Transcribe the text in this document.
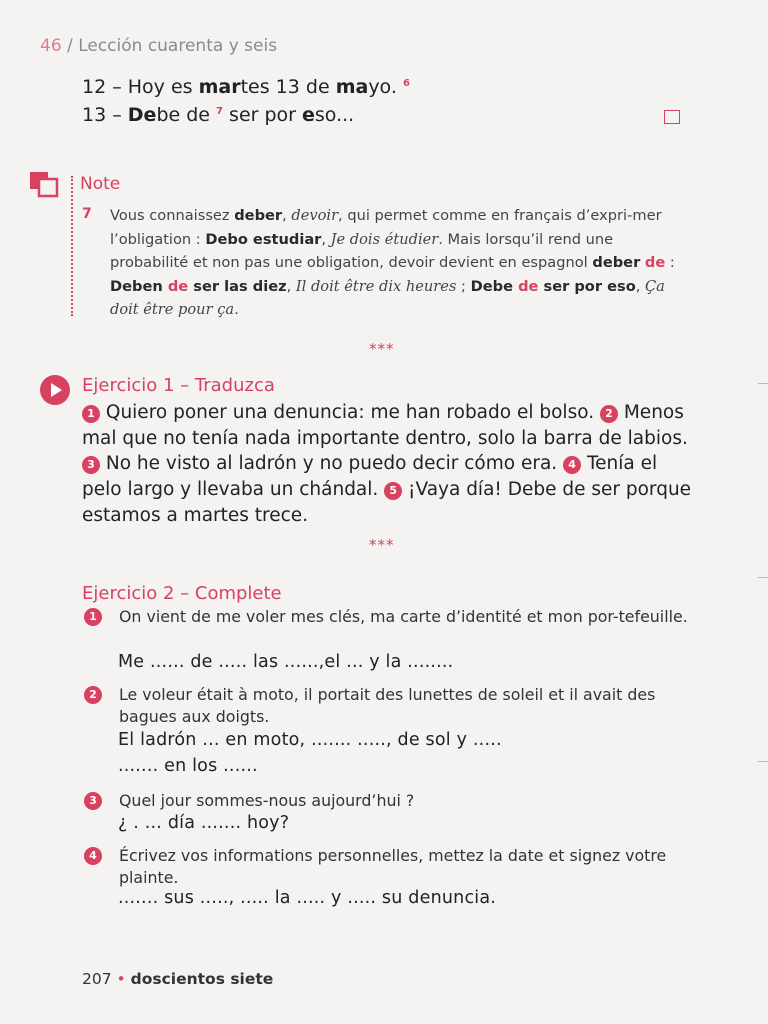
46 / Lección cuarenta y seis
12 – Hoy es martes 13 de mayo. $^6$
13 – Debe de $^7$ ser por eso...
Note
7 Vous connaissez deber, devoir, qui permet comme en français d’expri-mer l’obligation : Debo estudiar, Je dois étudier. Mais lorsqu’il rend une probabilité et non pas une obligation, devoir devient en espagnol deber de : Deben de ser las diez, Il doit être dix heures ; Debe de ser por eso, Ça doit être pour ça.
***
Ejercicio 1 – Traduzca
1 Quiero poner una denuncia: me han robado el bolso. 2 Menos mal que no tenía nada importante dentro, solo la barra de labios. 3 No he visto al ladrón y no puedo decir cómo era. 4 Tenía el pelo largo y llevaba un chándal. 5 ¡Vaya día! Debe de ser porque estamos a martes trece.
***
Ejercicio 2 – Complete
1	On vient de me voler mes clés, ma carte d’identité et mon por-tefeuille.
Me ...... de ..... las ......,el ... y la ........
2	Le voleur était à moto, il portait des lunettes de soleil et il avait des bagues aux doigts.
El ladrón ... en moto, ....... ....., de sol y .....
....... en los ......
3	Quel jour sommes-nous aujourd’hui ?
¿ . ... día ....... hoy?
4	Écrivez vos informations personnelles, mettez la date et signez votre plainte.
....... sus ....., ..... la ..... y ..... su denuncia.
207 • doscientos siete
